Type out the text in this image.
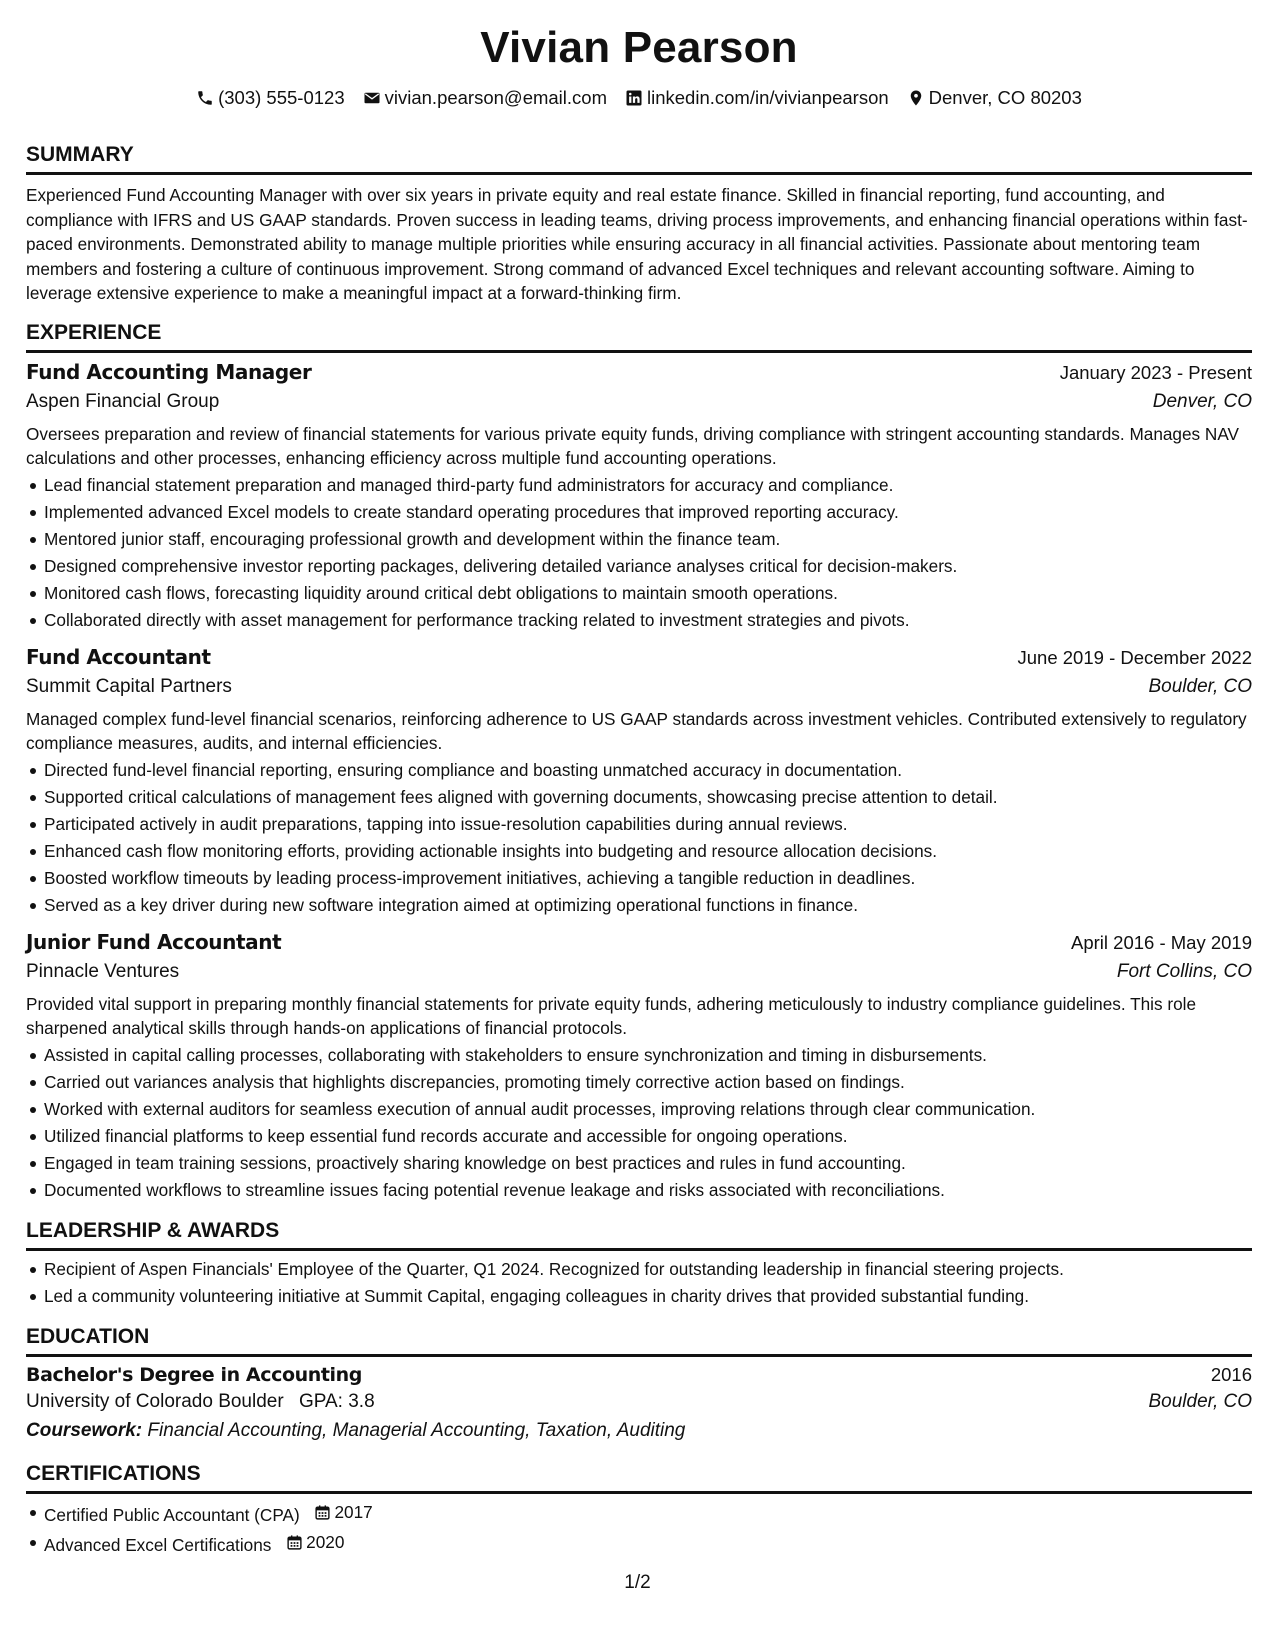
Vivian Pearson
(303) 555-0123 vivian.pearson@email.com linkedin.com/in/vivianpearson Denver, CO 80203
SUMMARY
Experienced Fund Accounting Manager with over six years in private equity and real estate finance. Skilled in financial reporting, fund accounting, and compliance with IFRS and US GAAP standards. Proven success in leading teams, driving process improvements, and enhancing financial operations within fast-paced environments. Demonstrated ability to manage multiple priorities while ensuring accuracy in all financial activities. Passionate about mentoring team members and fostering a culture of continuous improvement. Strong command of advanced Excel techniques and relevant accounting software. Aiming to leverage extensive experience to make a meaningful impact at a forward-thinking firm.
EXPERIENCE
Fund Accounting Manager	January 2023 - Present
Aspen Financial Group	Denver, CO
Oversees preparation and review of financial statements for various private equity funds, driving compliance with stringent accounting standards. Manages NAV calculations and other processes, enhancing efficiency across multiple fund accounting operations.
Lead financial statement preparation and managed third-party fund administrators for accuracy and compliance.
Implemented advanced Excel models to create standard operating procedures that improved reporting accuracy.
Mentored junior staff, encouraging professional growth and development within the finance team.
Designed comprehensive investor reporting packages, delivering detailed variance analyses critical for decision-makers.
Monitored cash flows, forecasting liquidity around critical debt obligations to maintain smooth operations.
Collaborated directly with asset management for performance tracking related to investment strategies and pivots.
Fund Accountant	June 2019 - December 2022
Summit Capital Partners	Boulder, CO
Managed complex fund-level financial scenarios, reinforcing adherence to US GAAP standards across investment vehicles. Contributed extensively to regulatory compliance measures, audits, and internal efficiencies.
Directed fund-level financial reporting, ensuring compliance and boasting unmatched accuracy in documentation.
Supported critical calculations of management fees aligned with governing documents, showcasing precise attention to detail.
Participated actively in audit preparations, tapping into issue-resolution capabilities during annual reviews.
Enhanced cash flow monitoring efforts, providing actionable insights into budgeting and resource allocation decisions.
Boosted workflow timeouts by leading process-improvement initiatives, achieving a tangible reduction in deadlines.
Served as a key driver during new software integration aimed at optimizing operational functions in finance.
Junior Fund Accountant	April 2016 - May 2019
Pinnacle Ventures	Fort Collins, CO
Provided vital support in preparing monthly financial statements for private equity funds, adhering meticulously to industry compliance guidelines. This role sharpened analytical skills through hands-on applications of financial protocols.
Assisted in capital calling processes, collaborating with stakeholders to ensure synchronization and timing in disbursements.
Carried out variances analysis that highlights discrepancies, promoting timely corrective action based on findings.
Worked with external auditors for seamless execution of annual audit processes, improving relations through clear communication.
Utilized financial platforms to keep essential fund records accurate and accessible for ongoing operations.
Engaged in team training sessions, proactively sharing knowledge on best practices and rules in fund accounting.
Documented workflows to streamline issues facing potential revenue leakage and risks associated with reconciliations.
LEADERSHIP & AWARDS
Recipient of Aspen Financials' Employee of the Quarter, Q1 2024. Recognized for outstanding leadership in financial steering projects.
Led a community volunteering initiative at Summit Capital, engaging colleagues in charity drives that provided substantial funding.
EDUCATION
Bachelor's Degree in Accounting	2016
University of Colorado Boulder GPA: 3.8	Boulder, CO
Coursework: Financial Accounting, Managerial Accounting, Taxation, Auditing
CERTIFICATIONS
Certified Public Accountant (CPA) 2017
Advanced Excel Certifications 2020
1/2
